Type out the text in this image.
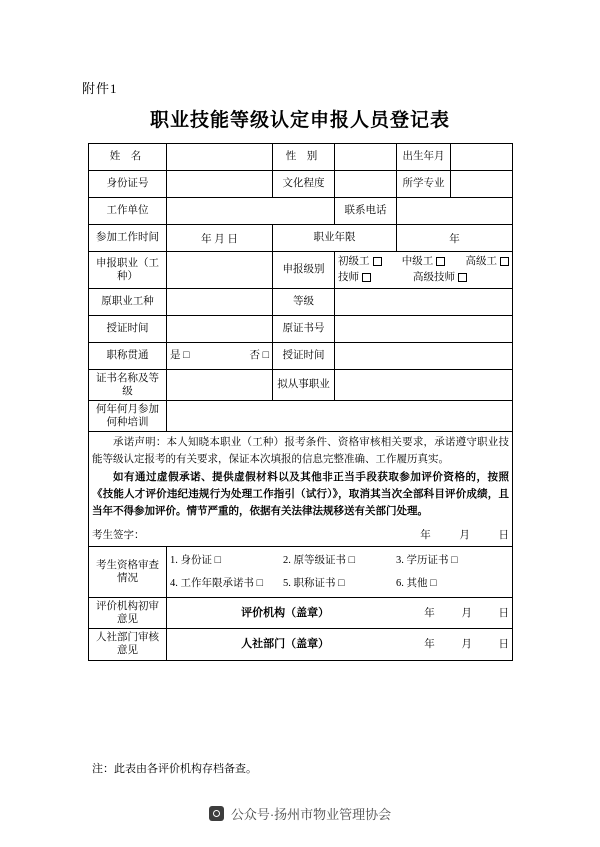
附件1
职业技能等级认定申报人员登记表
姓 名		性 别		出生年月	
身份证号		文化程度		所学专业	
工作单位			联系电话		
参加工作时间	年 月 日	职业年限		年	
申报职业（工种）		申报级别	初级工 中级工 高级工
技师 高级技师		

原职业工种		等级			
授证时间		原证书号			
职称贯通	是 □ 否 □	授证时间			
证书名称及等级		拟从事职业			
何年何月参加何种培训					

承诺声明：本人知晓本职业（工种）报考条件、资格审核相关要求，承诺遵守职业技能等级认定报考的有关要求，保证本次填报的信息完整准确、工作履历真实。

如有通过虚假承诺、提供虚假材料以及其他非正当手段获取参加评价资格的，按照《技能人才评价违纪违规行为处理工作指引（试行）》，取消其当次全部科目评价成绩，且当年不得参加评价。情节严重的，依据有关法律法规移送有关部门处理。

考生签字： 年 月 日					

考生资格审查情况	
1. 身份证 □	2. 原等级证书 □	3. 学历证书 □
4. 工作年限承诺书 □	5. 职称证书 □	6. 其他 □

评价机构初审意见	评价机构（盖章） 年 月 日				

人社部门审核意见	人社部门（盖章） 年 月 日				
注：此表由各评价机构存档备查。
公众号·扬州市物业管理协会
